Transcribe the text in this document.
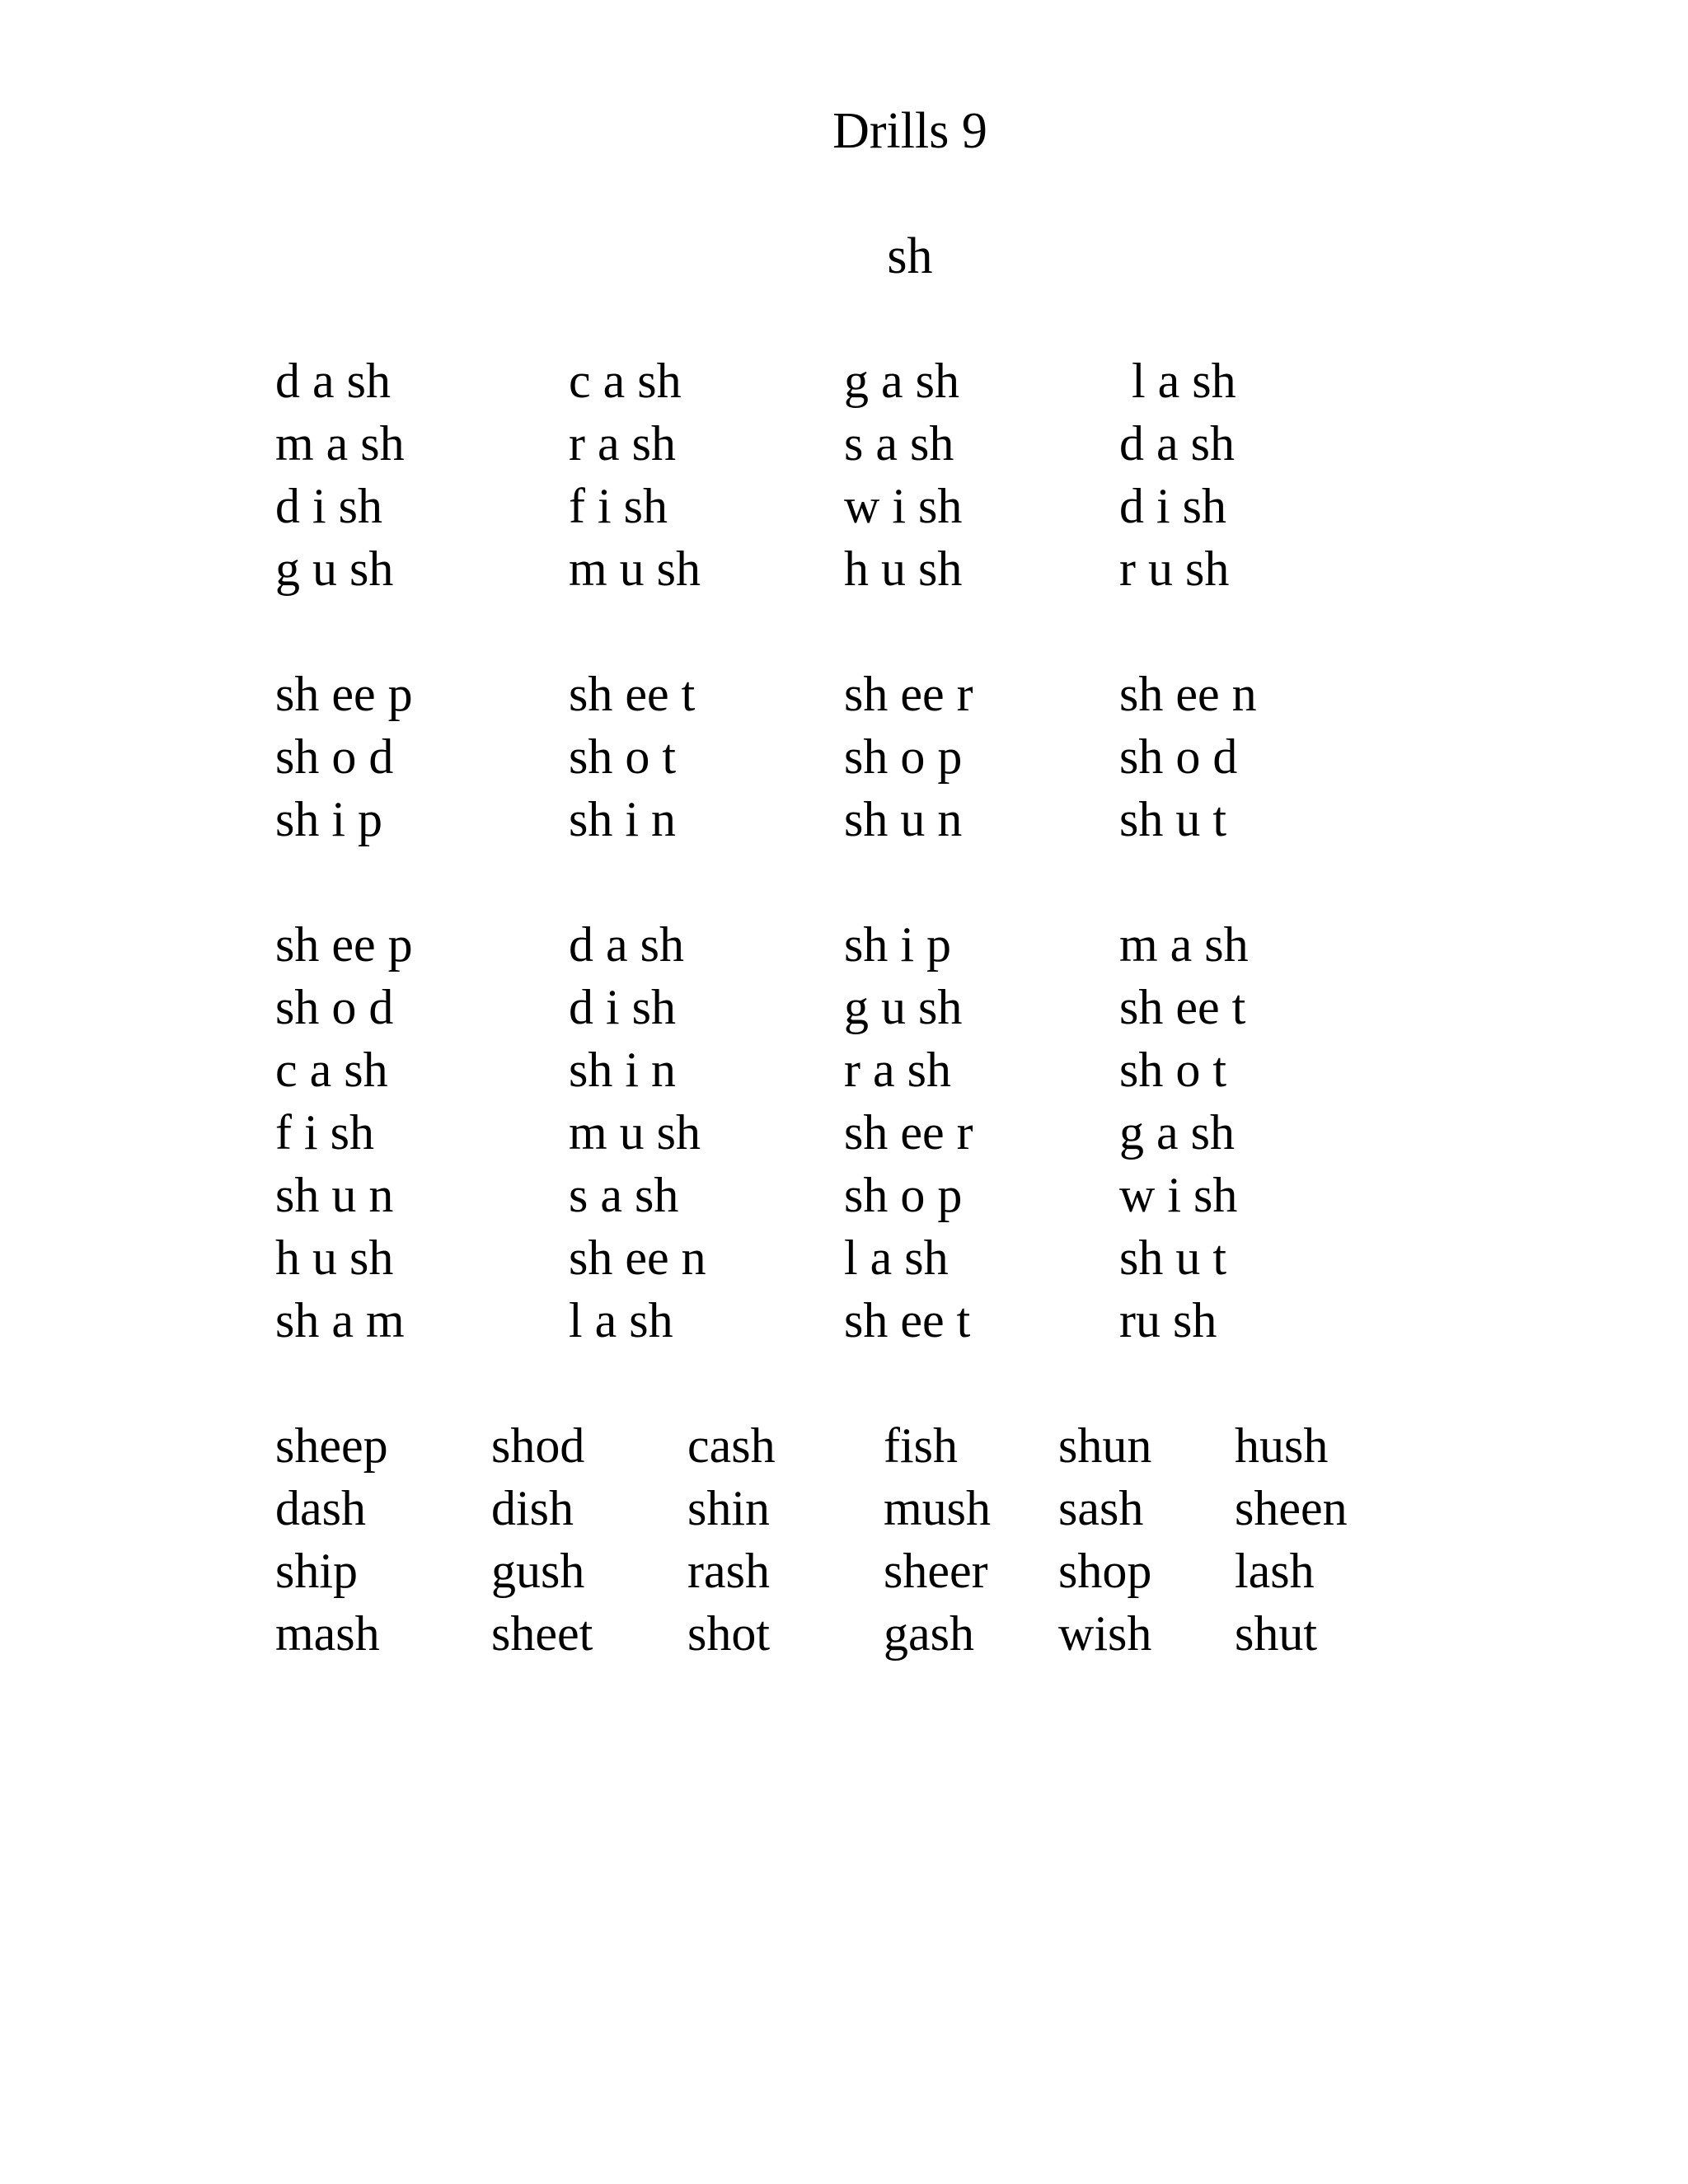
Drills 9
sh
d a sh	c a sh	g a sh	l a sh
m a sh	r a sh	s a sh	d a sh
d i sh	f i sh	w i sh	d i sh
g u sh	m u sh	h u sh	r u sh
sh ee p	sh ee t	sh ee r	sh ee n
sh o d	sh o t	sh o p	sh o d
sh i p	sh i n	sh u n	sh u t
sh ee p	d a sh	sh i p	m a sh
sh o d	d i sh	g u sh	sh ee t
c a sh	sh i n	r a sh	sh o t
f i sh	m u sh	sh ee r	g a sh
sh u n	s a sh	sh o p	w i sh
h u sh	sh ee n	l a sh	sh u t
sh a m	l a sh	sh ee t	ru sh
sheep shod cash fish shun hush
dash	dish shin mush sash sheen
ship	gush rash sheer shop lash
mash sheet shot gash wish shut
